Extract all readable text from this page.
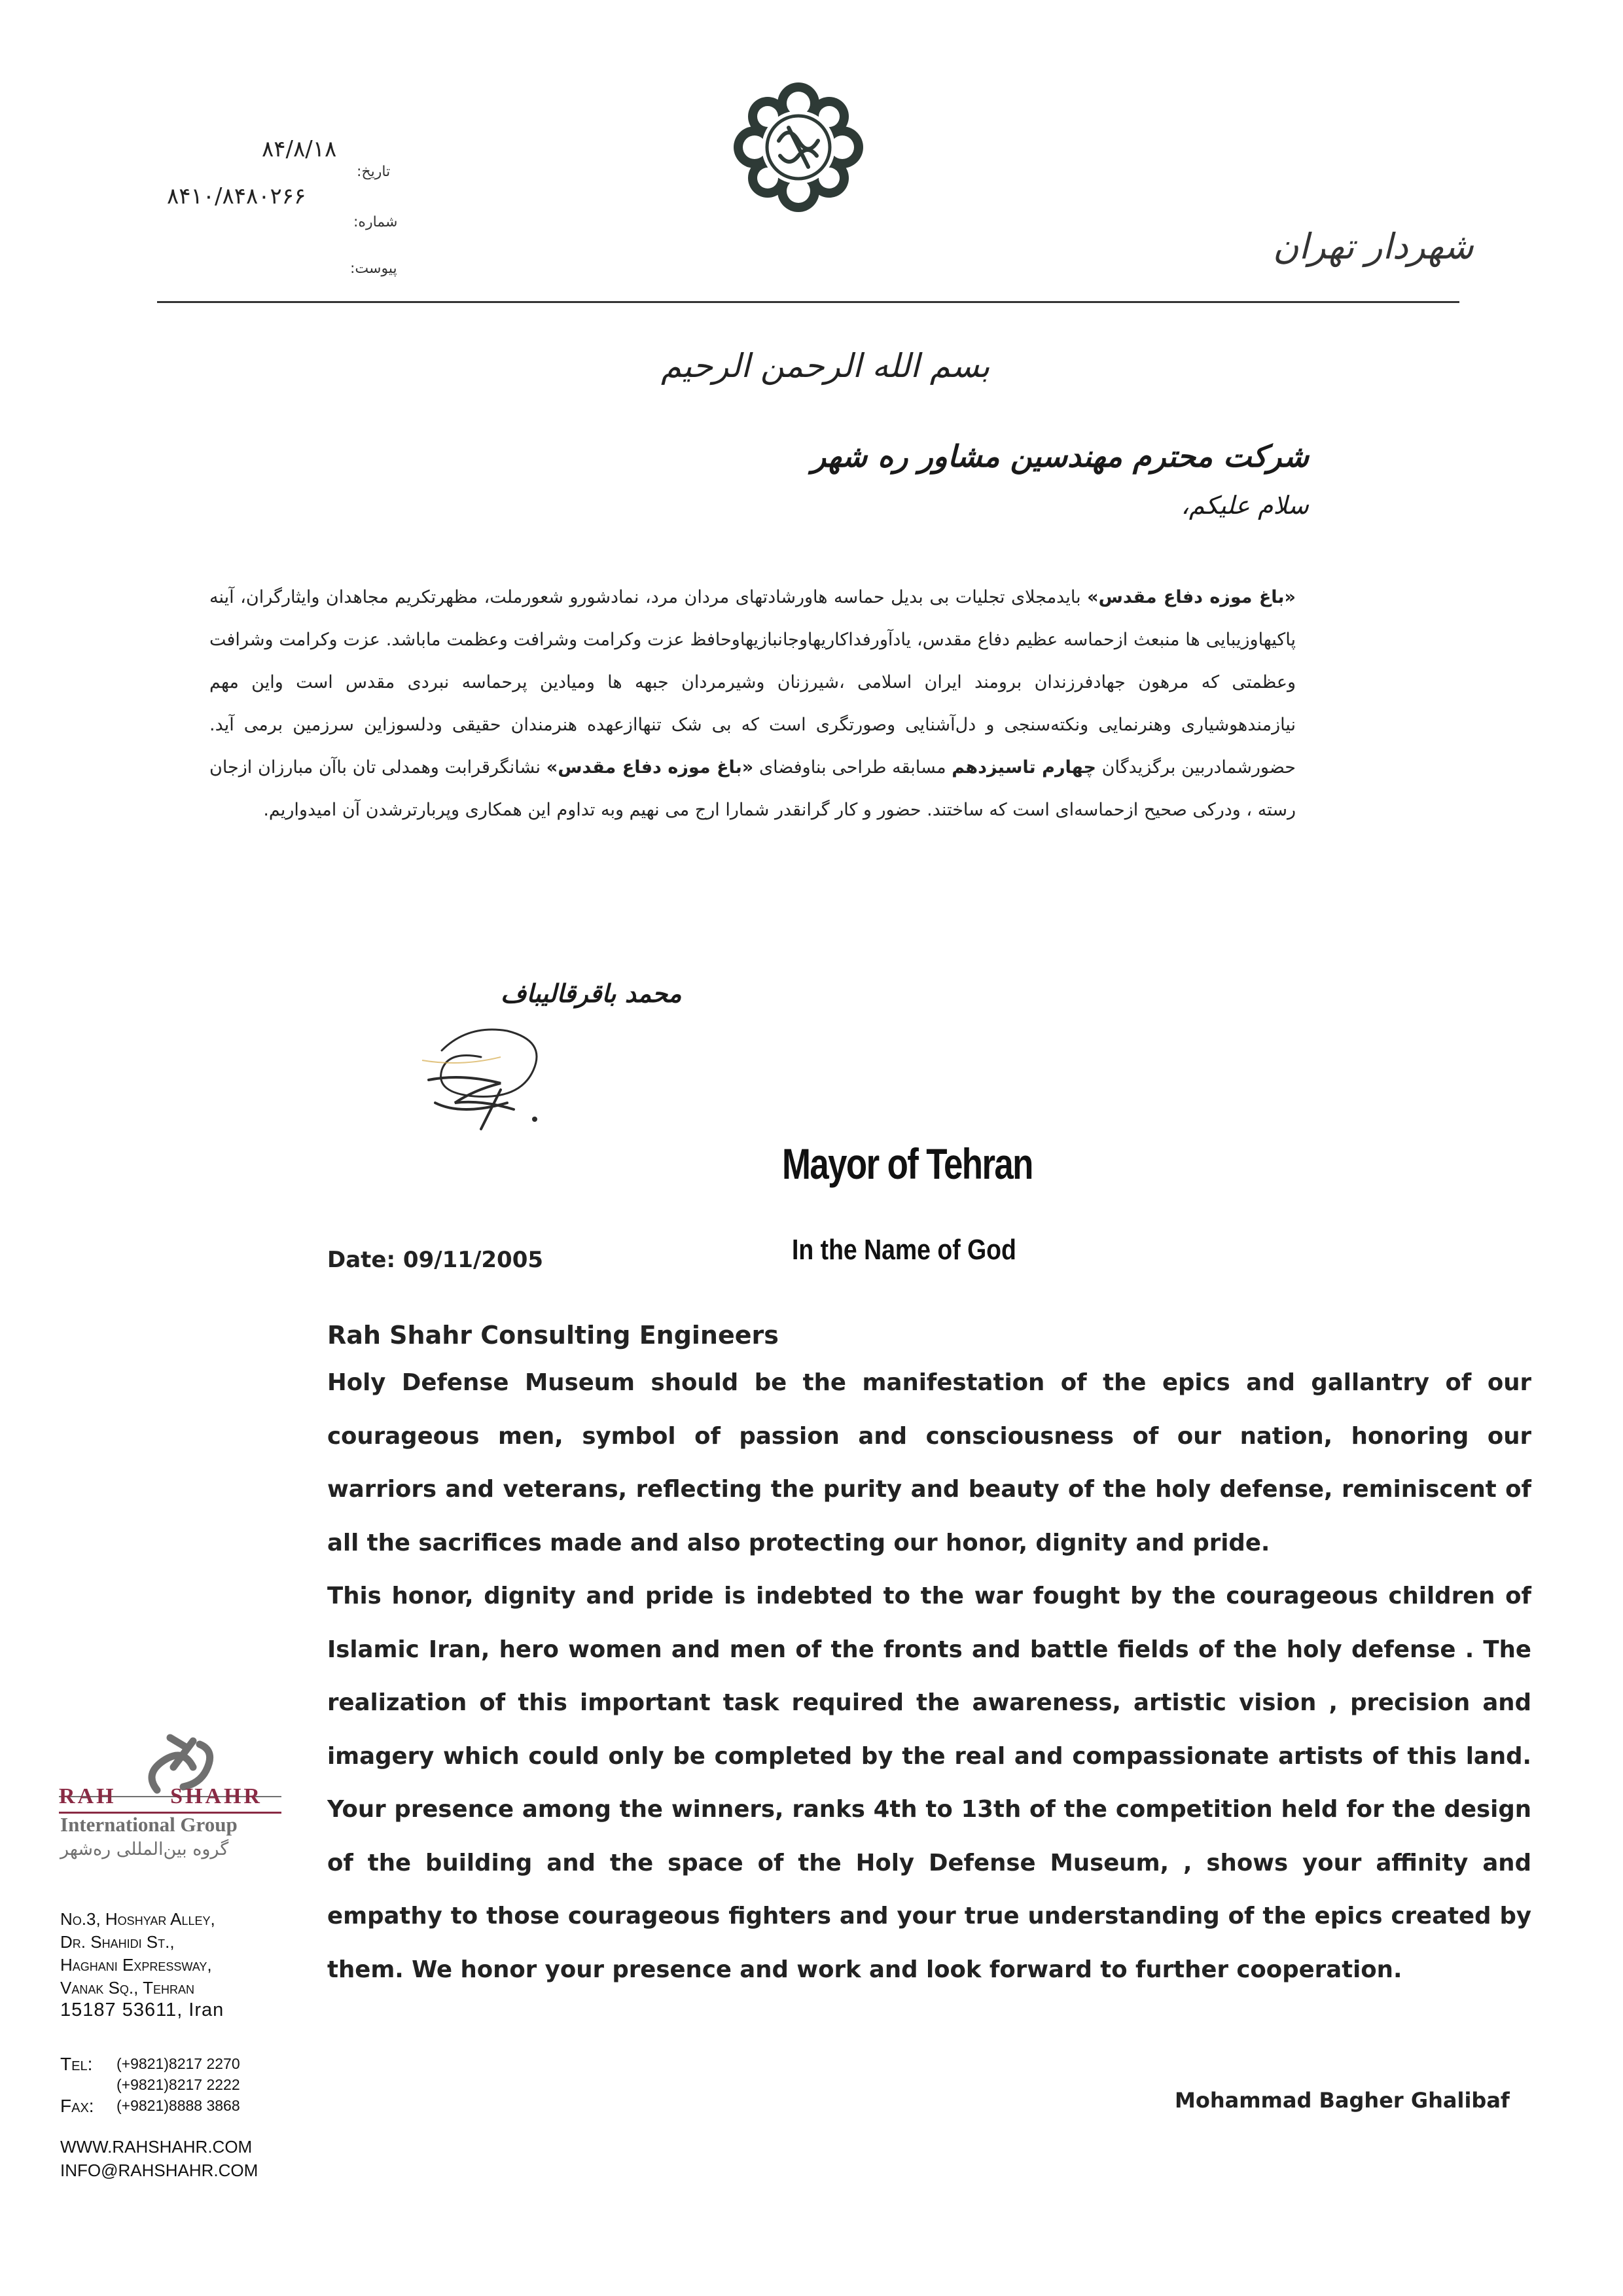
۸۴/۸/۱۸
تاریخ:
۸۴۱۰/۸۴۸۰۲۶۶
شماره:
پیوست:
شهردار تهران
بسم الله الرحمن الرحیم
شرکت محترم مهندسین مشاور ره شهر
سلام علیکم،
«باغ موزه دفاع مقدس» بایدمجلای تجلیات بی بدیل حماسه هاورشادتهای مردان مرد، نمادشورو شعورملت، مظهرتکریم مجاهدان وایثارگران، آینه پاکیهاوزیبایی ها منبعث ازحماسه عظیم دفاع مقدس، یادآورفداکاریهاوجانبازیهاوحافظ عزت وکرامت وشرافت وعظمت ماباشد. عزت وکرامت وشرافت وعظمتی که مرهون جهادفرزندان برومند ایران اسلامی ،شیرزنان وشیرمردان جبهه ها ومیادین پرحماسه نبردی مقدس است واین مهم نیازمندهوشیاری وهنرنمایی ونکته‌سنجی و دل‌آشنایی وصورتگری است که بی شک تنهاازعهده هنرمندان حقیقی ودلسوزاین سرزمین برمی آید. حضورشمادربین برگزیدگان چهارم تاسیزدهم مسابقه طراحی بناوفضای «باغ موزه دفاع مقدس» نشانگرقرابت وهمدلی تان باآن مبارزان ازجان رسته ، ودرکی صحیح ازحماسه‌ای است که ساختند. حضور و کار گرانقدر شمارا ارج می نهیم وبه تداوم این همکاری وپربارترشدن آن امیدواریم.
محمد باقرقالیباف
Mayor of Tehran
Date: 09/11/2005	In the Name of God
Rah Shahr Consulting Engineers
Holy Defense Museum should be the manifestation of the epics and gallantry of our courageous men, symbol of passion and consciousness of our nation, honoring our warriors and veterans, reflecting the purity and beauty of the holy defense, reminiscent of all the sacrifices made and also protecting our honor, dignity and pride.
This honor, dignity and pride is indebted to the war fought by the courageous children of Islamic Iran, hero women and men of the fronts and battle fields of the holy defense . The realization of this important task required the awareness, artistic vision , precision and imagery which could only be completed by the real and compassionate artists of this land. Your presence among the winners, ranks 4th to 13th of the competition held for the design of the building and the space of the Holy Defense Museum, , shows your affinity and empathy to those courageous fighters and your true understanding of the epics created by them. We honor your presence and work and look forward to further cooperation.
Mohammad Bagher Ghalibaf
RAH SHAHR
International Group
گروه بین‌المللی ره‌شهر
No.3, Hoshyar Alley,
Dr. Shahidi St.,
Haghani Expressway,
Vanak Sq., Tehran
15187 53611, Iran
Tel: (+9821)8217 2270
(+9821)8217 2222
Fax: (+9821)8888 3868
WWW.RAHSHAHR.COM
INFO@RAHSHAHR.COM
